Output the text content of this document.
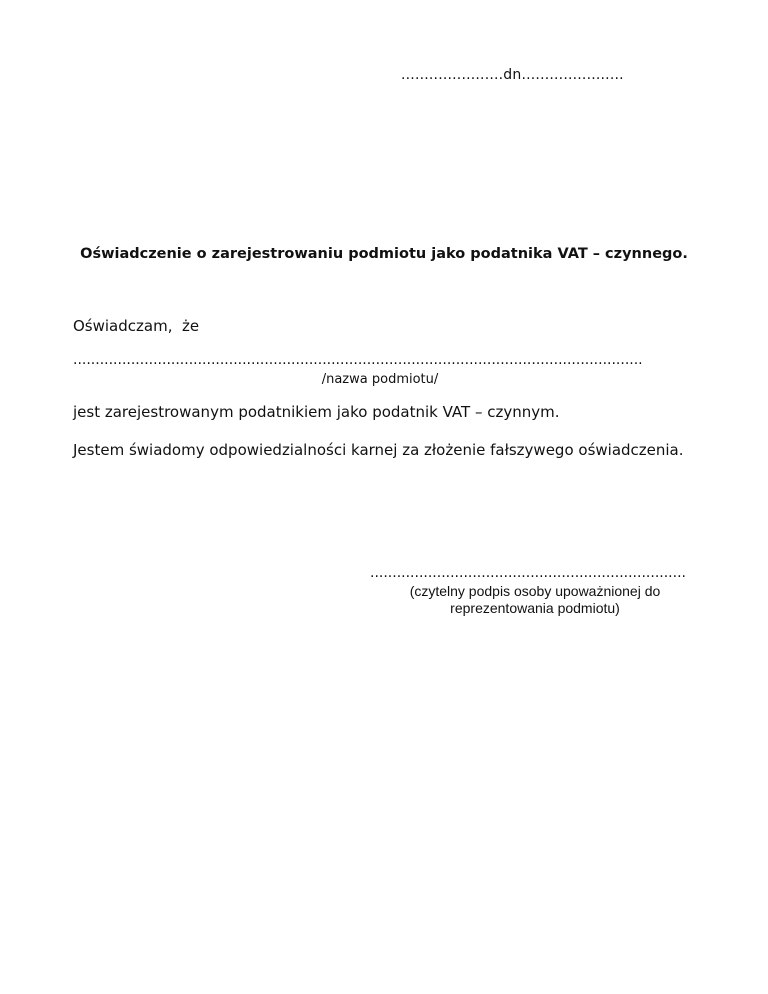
......................dn......................
Oświadczenie o zarejestrowaniu podmiotu jako podatnika VAT – czynnego.
Oświadczam,  że
................................................................................................................................
/nazwa podmiotu/
jest zarejestrowanym podatnikiem jako podatnik VAT – czynnym.
Jestem świadomy odpowiedzialności karnej za złożenie fałszywego oświadczenia.
.......................................................................
(czytelny podpis osoby upoważnionej do reprezentowania podmiotu)
